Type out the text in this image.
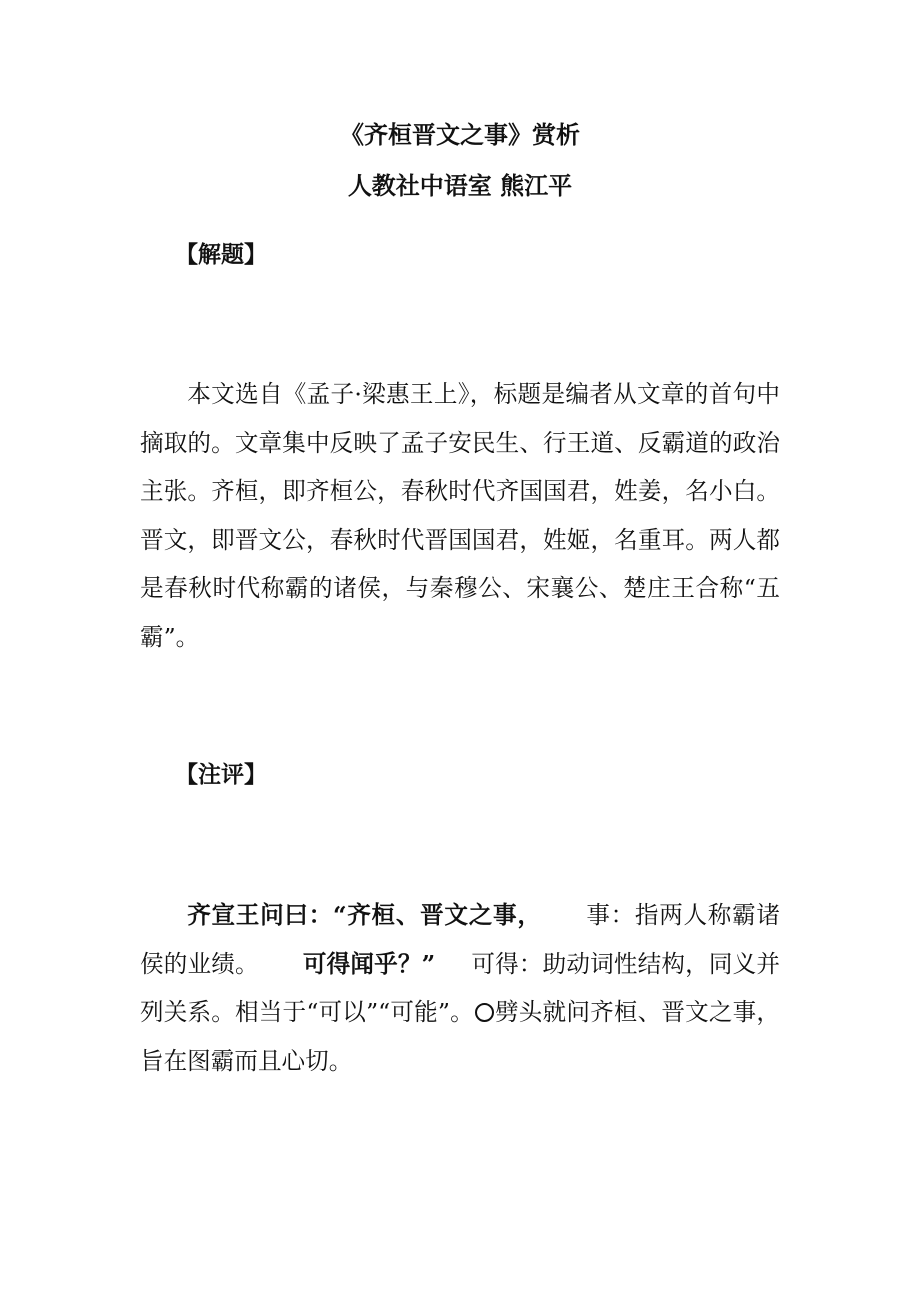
《齐桓晋文之事》赏析
人教社中语室 熊江平
【解题】
本文选自《孟子·梁惠王上》，标题是编者从文章的首句中摘取的。文章集中反映了孟子安民生、行王道、反霸道的政治主张。齐桓，即齐桓公，春秋时代齐国国君，姓姜，名小白。晋文，即晋文公，春秋时代晋国国君，姓姬，名重耳。两人都是春秋时代称霸的诸侯，与秦穆公、宋襄公、楚庄王合称“五霸”。
【注评】
齐宣王问曰：“齐桓、晋文之事， 事：指两人称霸诸侯的业绩。 可得闻乎？” 可得：助动词性结构，同义并列关系。相当于“可以”“可能”。 劈头就问齐桓、晋文之事，旨在图霸而且心切。
